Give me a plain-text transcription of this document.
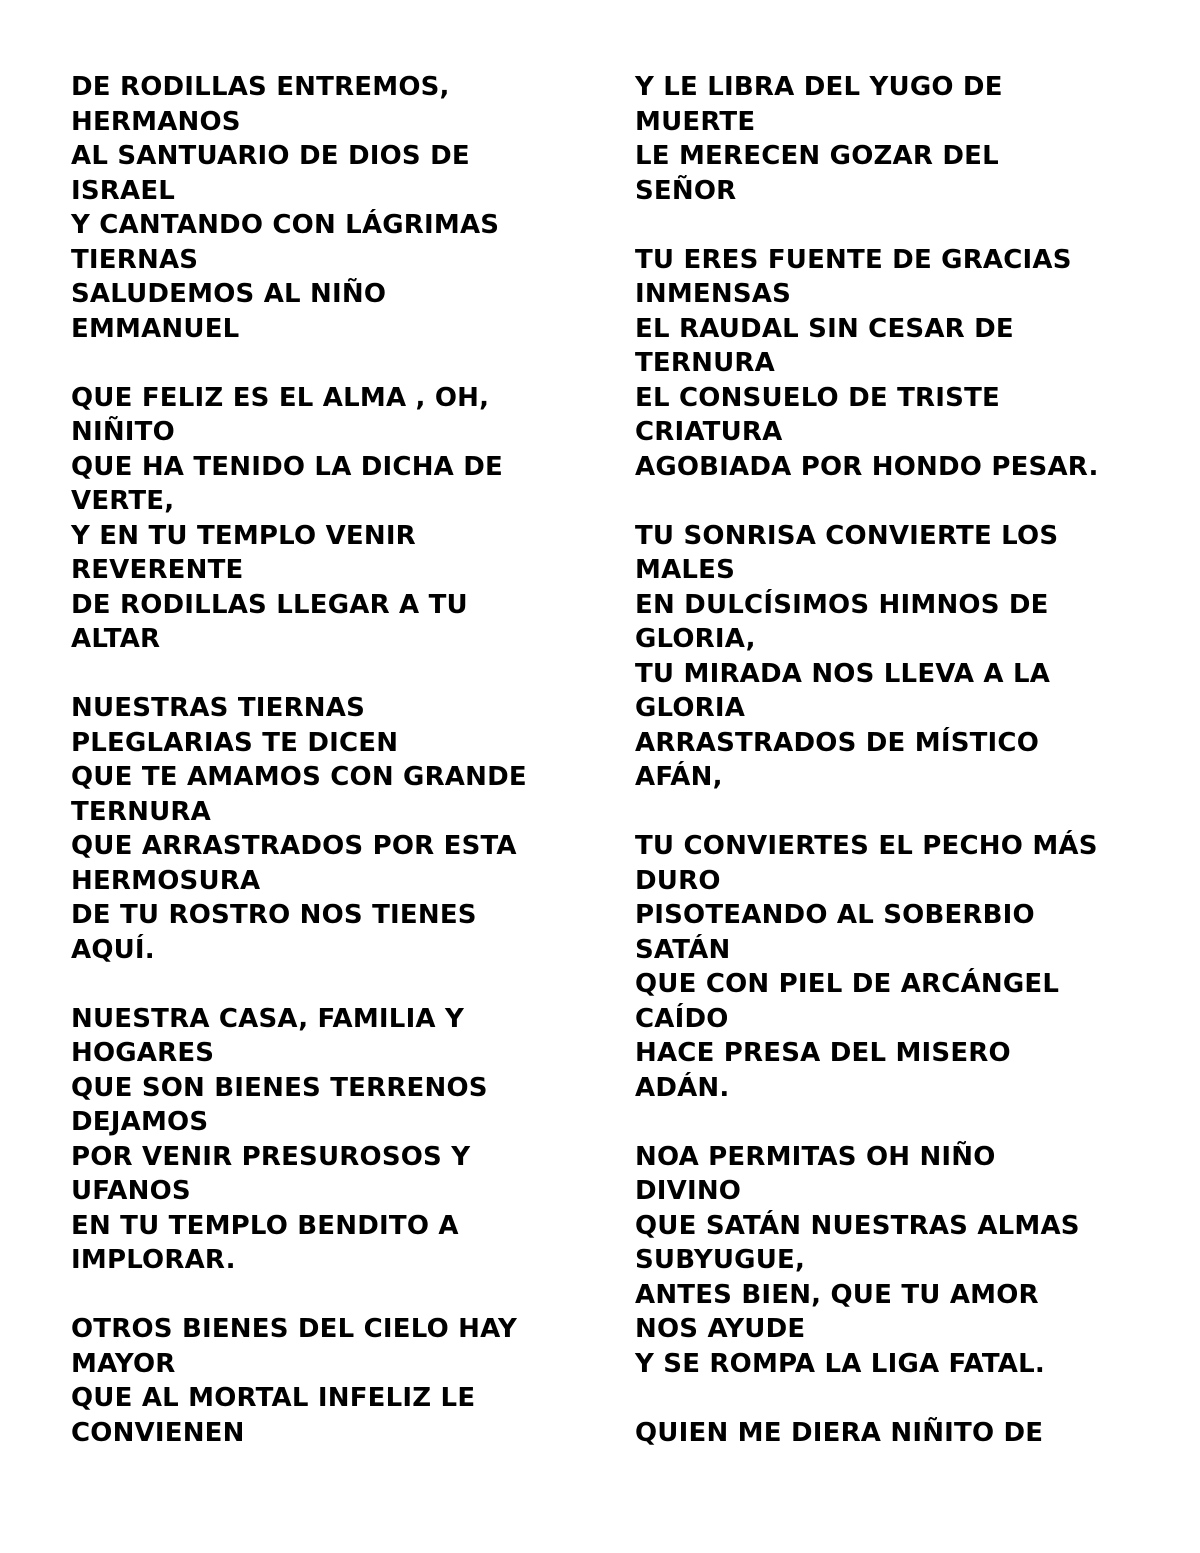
DE RODILLAS ENTREMOS,
HERMANOS
AL SANTUARIO DE DIOS DE
ISRAEL
Y CANTANDO CON LÁGRIMAS
TIERNAS
SALUDEMOS AL NIÑO
EMMANUEL
QUE FELIZ ES EL ALMA , OH,
NIÑITO
QUE HA TENIDO LA DICHA DE
VERTE,
Y EN TU TEMPLO VENIR
REVERENTE
DE RODILLAS LLEGAR A TU
ALTAR
NUESTRAS TIERNAS
PLEGLARIAS TE DICEN
QUE TE AMAMOS CON GRANDE
TERNURA
QUE ARRASTRADOS POR ESTA
HERMOSURA
DE TU ROSTRO NOS TIENES
AQUÍ.
NUESTRA CASA, FAMILIA Y
HOGARES
QUE SON BIENES TERRENOS
DEJAMOS
POR VENIR PRESUROSOS Y
UFANOS
EN TU TEMPLO BENDITO A
IMPLORAR.
OTROS BIENES DEL CIELO HAY
MAYOR
QUE AL MORTAL INFELIZ LE
CONVIENEN
Y LE LIBRA DEL YUGO DE
MUERTE
LE MERECEN GOZAR DEL
SEÑOR
TU ERES FUENTE DE GRACIAS
INMENSAS
EL RAUDAL SIN CESAR DE
TERNURA
EL CONSUELO DE TRISTE
CRIATURA
AGOBIADA POR HONDO PESAR.
TU SONRISA CONVIERTE LOS
MALES
EN DULCÍSIMOS HIMNOS DE
GLORIA,
TU MIRADA NOS LLEVA A LA
GLORIA
ARRASTRADOS DE MÍSTICO
AFÁN,
TU CONVIERTES EL PECHO MÁS
DURO
PISOTEANDO AL SOBERBIO
SATÁN
QUE CON PIEL DE ARCÁNGEL
CAÍDO
HACE PRESA DEL MISERO
ADÁN.
NOA PERMITAS OH NIÑO
DIVINO
QUE SATÁN NUESTRAS ALMAS
SUBYUGUE,
ANTES BIEN, QUE TU AMOR
NOS AYUDE
Y SE ROMPA LA LIGA FATAL.
QUIEN ME DIERA NIÑITO DE
